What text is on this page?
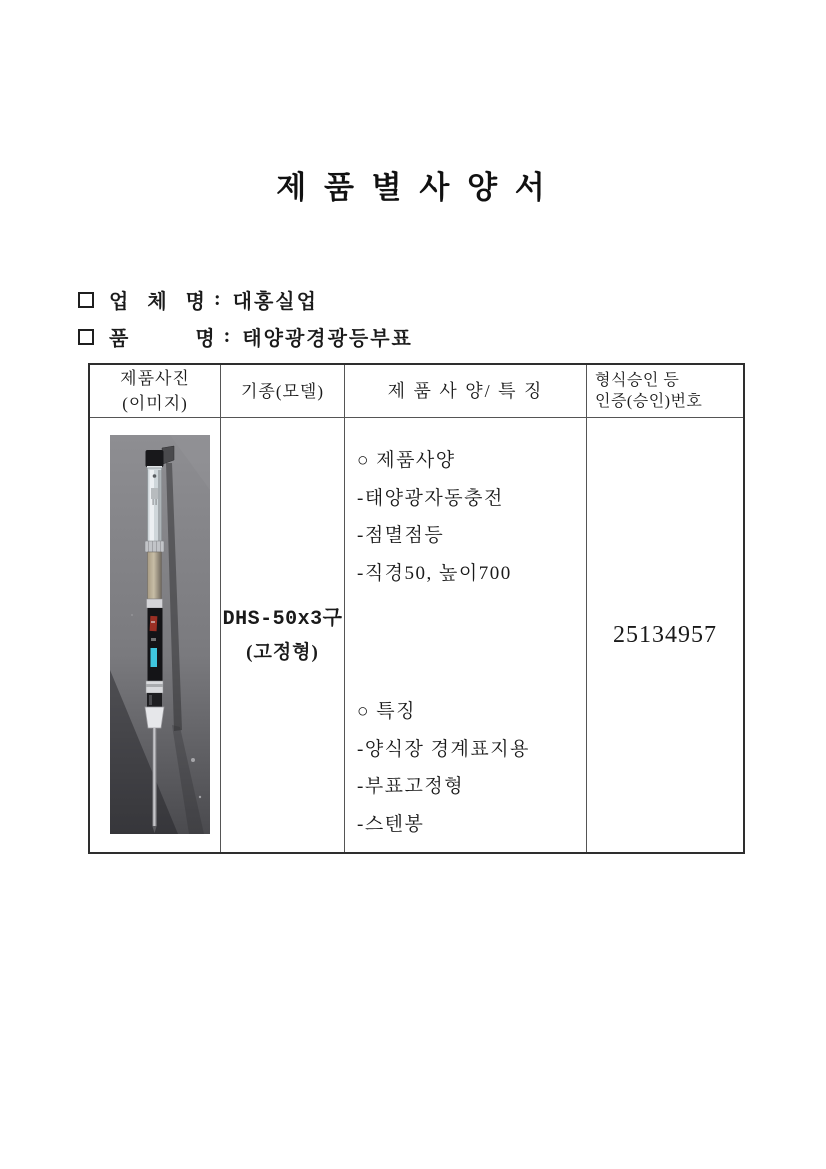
제 품 별 사 양 서
업 체 명 : 대홍실업
품     명 : 태양광경광등부표
제품사진
(이미지)
기종(모델)	제 품 사 양/ 특 징	형식승인 등
인증(승인)번호
DHS-50x3구
(고정형)
○ 제품사양
-태양광자동충전
-점멸점등
-직경50, 높이700
○ 특징
-양식장 경계표지용
-부표고정형
-스텐봉
25134957
